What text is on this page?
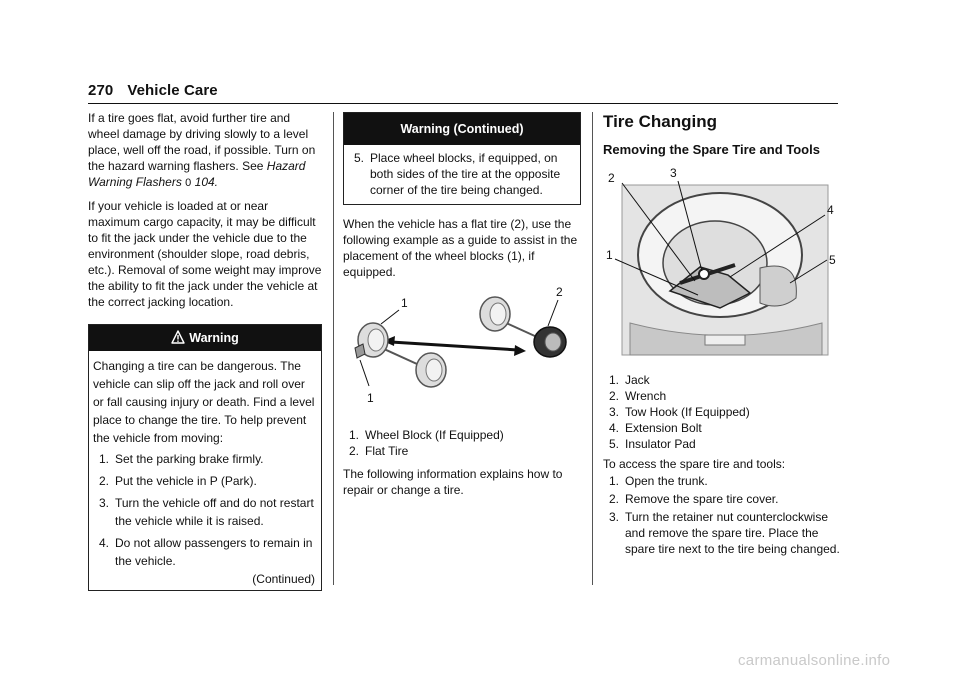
270 Vehicle Care

If a tire goes flat, avoid further tire and wheel damage by driving slowly to a level place, well off the road, if possible. Turn on the hazard warning flashers. See Hazard Warning Flashers 0 104.

If your vehicle is loaded at or near maximum cargo capacity, it may be difficult to fit the jack under the vehicle due to the environment (shoulder slope, road debris, etc.). Removal of some weight may improve the ability to fit the jack under the vehicle at the correct jacking location.

Warning

Changing a tire can be dangerous. The vehicle can slip off the jack and roll over or fall causing injury or death. Find a level place to change the tire. To help prevent the vehicle from moving:

1. Set the parking brake firmly.
2. Put the vehicle in P (Park).
3. Turn the vehicle off and do not restart the vehicle while it is raised.
4. Do not allow passengers to remain in the vehicle.
(Continued)
Warning (Continued)
5. Place wheel blocks, if equipped, on both sides of the tire at the opposite corner of the tire being changed.

When the vehicle has a flat tire (2), use the following example as a guide to assist in the placement of the wheel blocks (1), if equipped.

1
2
1
1. Wheel Block (If Equipped)
2. Flat Tire

The following information explains how to repair or change a tire.

Tire Changing
Removing the Spare Tire and Tools
1
2	3
4
5
1. Jack
2. Wrench
3. Tow Hook (If Equipped)
4. Extension Bolt
5. Insulator Pad

To access the spare tire and tools:

1. Open the trunk.
2. Remove the spare tire cover.
3. Turn the retainer nut counterclockwise and remove the spare tire. Place the spare tire next to the tire being changed.
carmanualsonline.info
